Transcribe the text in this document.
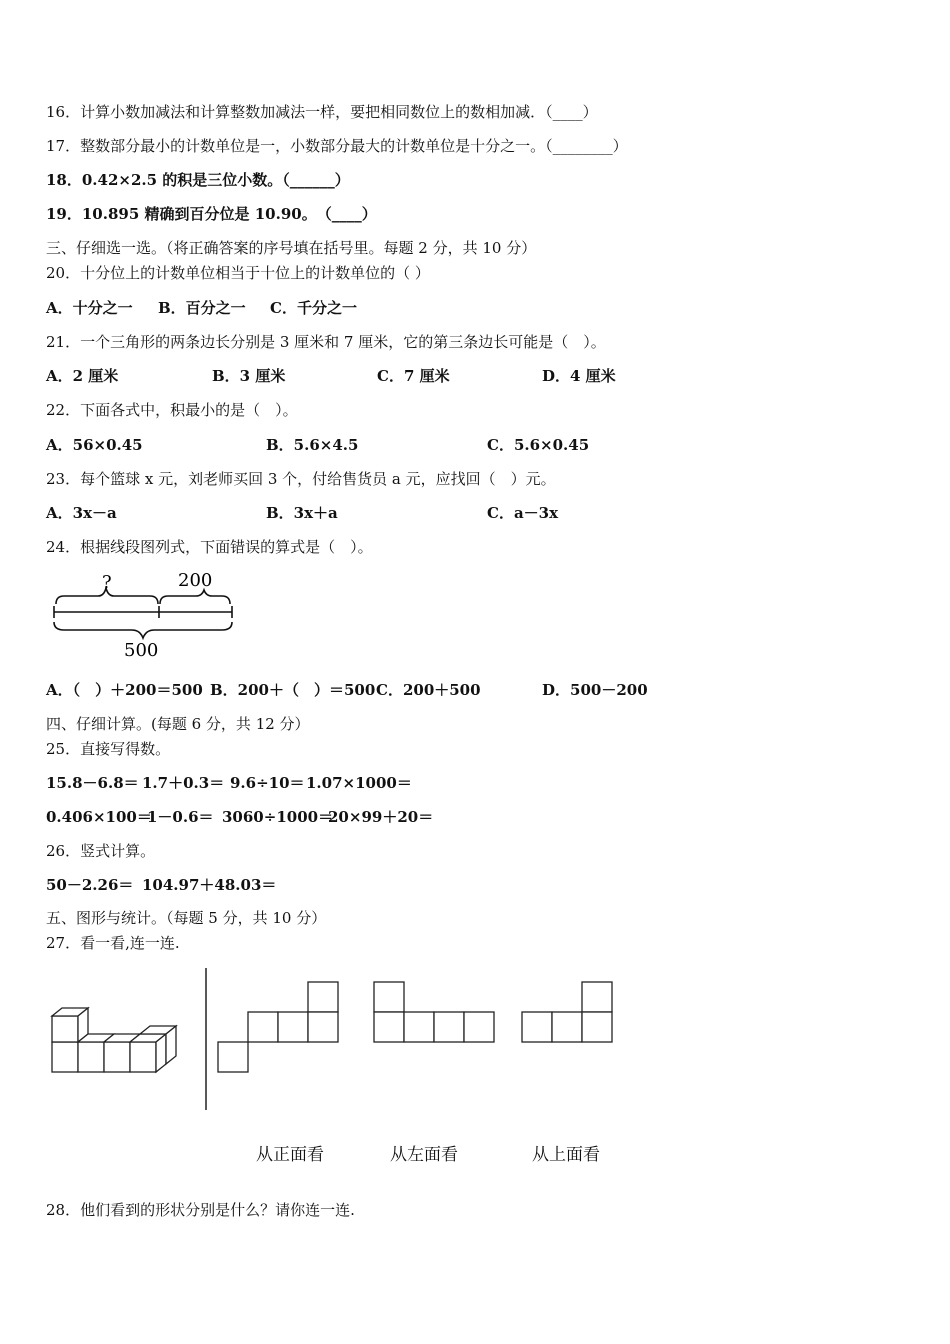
16．计算小数加减法和计算整数加减法一样，要把相同数位上的数相加减．（____）
17．整数部分最小的计数单位是一，小数部分最大的计数单位是十分之一。（________）
18．0.42×2.5 的积是三位小数。（______）
19．10.895 精确到百分位是 10.90。　（____）
三、仔细选一选。（将正确答案的序号填在括号里。每题 2 分，共 10 分）
20．十分位上的计数单位相当于十位上的计数单位的（ ）
A．十分之一 B．百分之一 C．千分之一
21．一个三角形的两条边长分别是 3 厘米和 7 厘米，它的第三条边长可能是（　）。
A．2 厘米	B．3 厘米	C．7 厘米	D．4 厘米
22．下面各式中，积最小的是（　）。
A．56×0.45	B．5.6×4.5	C．5.6×0.45
23．每个篮球 x 元，刘老师买回 3 个，付给售货员 a 元，应找回（　）元。
A．3x－a	B．3x＋a	C．a－3x
24．根据线段图列式，下面错误的算式是（　）。
?	200
500
A．（　）＋200＝500 B．200＋（　）＝500 C．200＋500	D．500－200
四、仔细计算。(每题 6 分，共 12 分）
25．直接写得数。
15.8－6.8＝ 1.7＋0.3＝ 9.6÷10＝ 1.07×1000＝
0.406×100＝
1－0.6＝ 3060÷1000＝
20×99＋20＝
26．竖式计算。
50－2.26＝ 104.97＋48.03＝
五、图形与统计。（每题 5 分，共 10 分）
27．看一看,连一连.
从正面看	从左面看	从上面看
28．他们看到的形状分别是什么？请你连一连.
